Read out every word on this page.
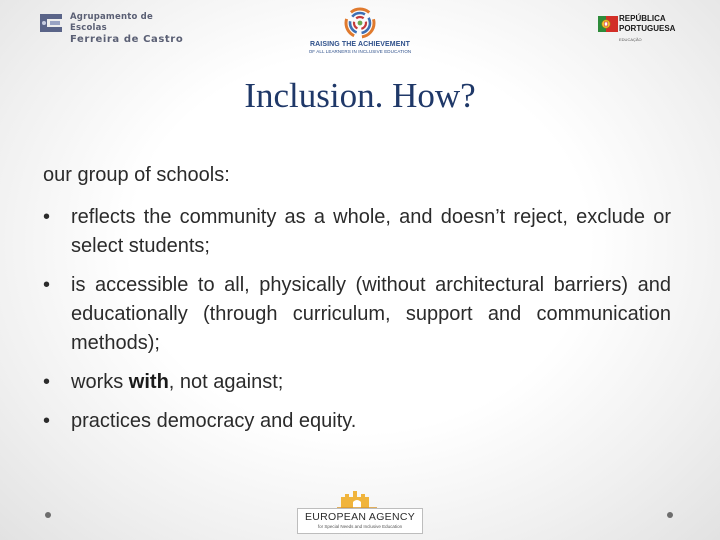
Agrupamento de Escolas
Ferreira de Castro	RAISING THE ACHIEVEMENT
OF ALL LEARNERS IN INCLUSIVE EDUCATION
REPÚBLICA
PORTUGUESA
EDUCAÇÃO
Inclusion. How?
our group of schools:
• reflects the community as a whole, and doesn’t reject, exclude or select students;
• is accessible to all, physically (without architectural barriers) and educationally (through curriculum, support and communication methods);
• works with, not against;
• practices democracy and equity.
EUROPEAN AGENCY
for Special Needs and Inclusive Education
